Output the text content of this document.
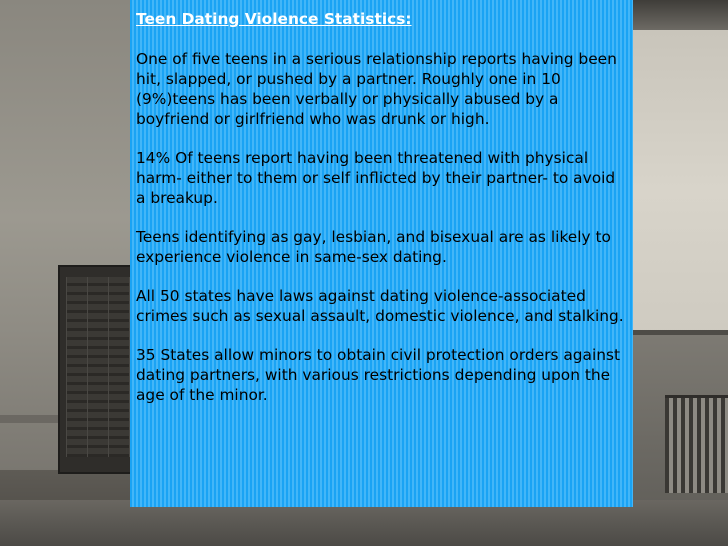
Teen Dating Violence Statistics:

One of five teens in a serious relationship reports having been hit, slapped, or pushed by a partner. Roughly one in 10 (9%)teens has been verbally or physically abused by a boyfriend or girlfriend who was drunk or high.

14% Of teens report having been threatened with physical harm- either to them or self inflicted by their partner- to avoid a breakup.

Teens identifying as gay, lesbian, and bisexual are as likely to experience violence in same-sex dating.

All 50 states have laws against dating violence-associated crimes such as sexual assault, domestic violence, and stalking.

35 States allow minors to obtain civil protection orders against dating partners, with various restrictions depending upon the age of the minor.
